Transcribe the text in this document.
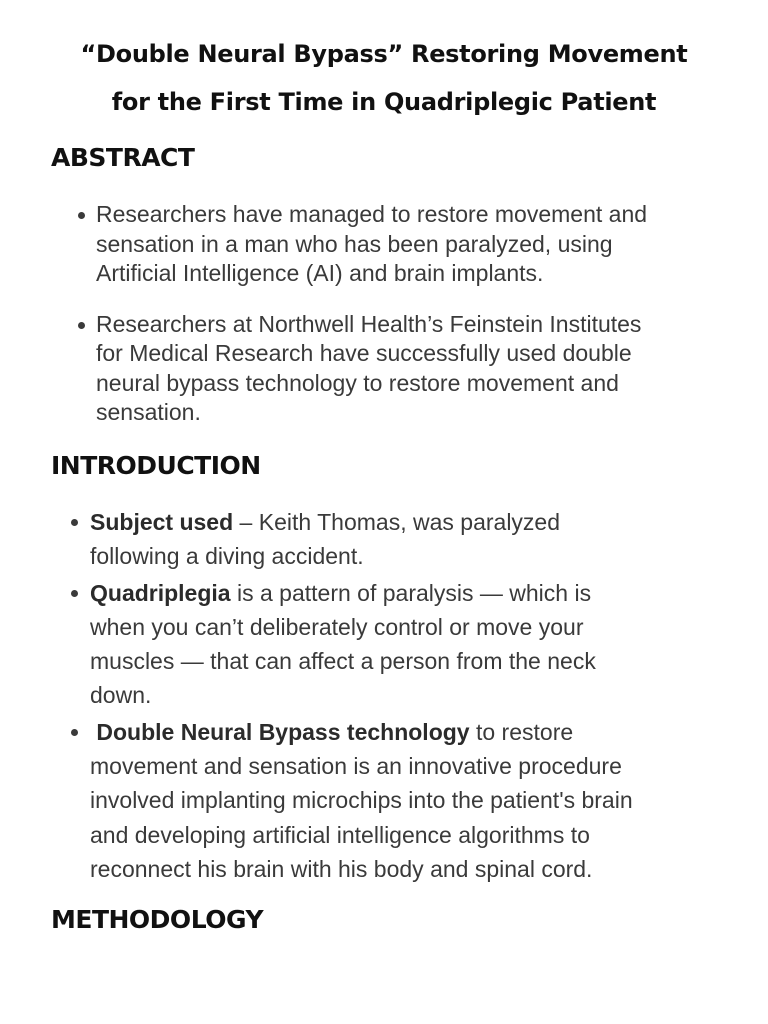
“Double Neural Bypass” Restoring Movement
for the First Time in Quadriplegic Patient
ABSTRACT
Researchers have managed to restore movement and
sensation in a man who has been paralyzed, using
Artificial Intelligence (AI) and brain implants.
Researchers at Northwell Health’s Feinstein Institutes
for Medical Research have successfully used double
neural bypass technology to restore movement and
sensation.
INTRODUCTION
Subject used – Keith Thomas, was paralyzed
following a diving accident.
Quadriplegia is a pattern of paralysis — which is
when you can’t deliberately control or move your
muscles — that can affect a person from the neck
down.
Double Neural Bypass technology to restore
movement and sensation is an innovative procedure
involved implanting microchips into the patient's brain
and developing artificial intelligence algorithms to
reconnect his brain with his body and spinal cord.
METHODOLOGY
